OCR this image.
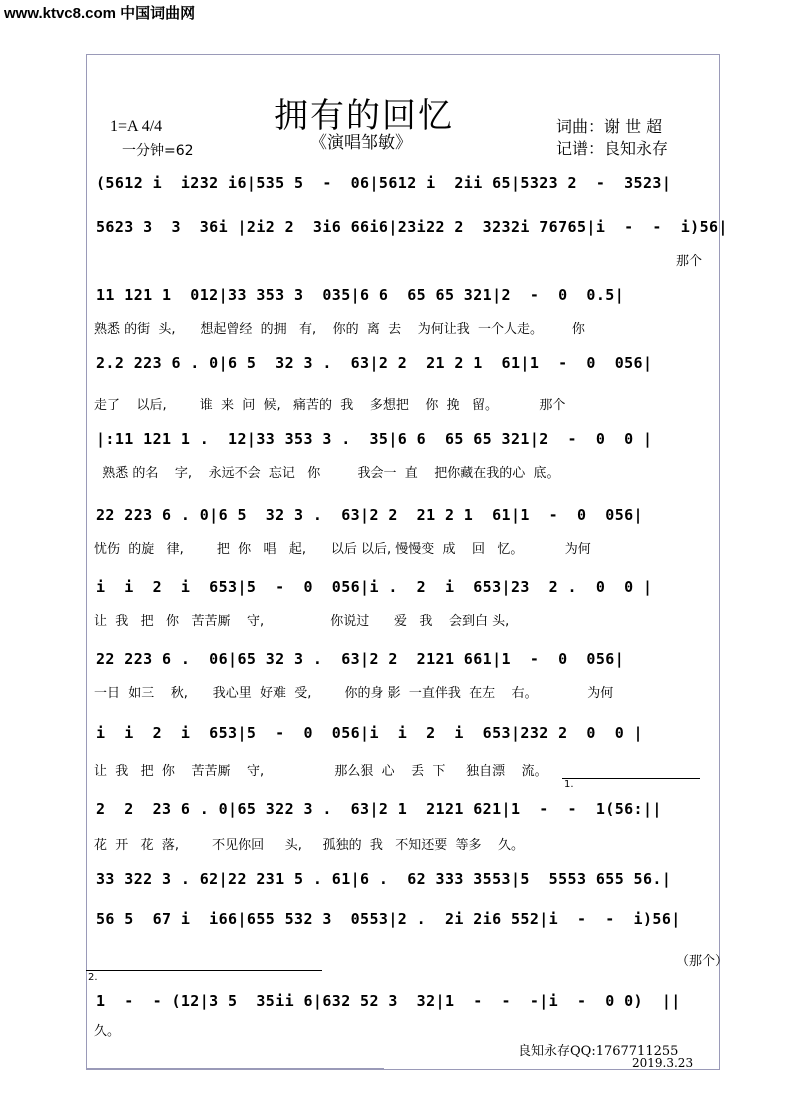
www.ktvc8.com 中国词曲网
拥有的回忆
《演唱邹敏》
1=A 4/4
一分钟=62
词曲：谢 世 超
记谱：良知永存
(5612 i  i232 i6|535 5  -  06|5612 i  2ii 65|5323 2  -  3523|
5623 3  3  36i |2i2 2  3i6 66i6|23i22 2  3232i 76765|i  -  -  i)56|
那个
11 121 1  012|33 353 3  035|6 6  65 65 321|2  -  0  0.5|
熟悉 的街  头,      想起曾经  的拥   有,    你的  离  去    为何让我  一个人走。       你
2.2 223 6 . 0|6 5  32 3 .  63|2 2  21 2 1  61|1  -  0  056|
走了    以后,        谁  来  问  候,   痛苦的  我    多想把    你  挽   留。          那个
|:11 121 1 .  12|33 353 3 .  35|6 6  65 65 321|2  -  0  0 |
熟悉 的名    字,    永远不会  忘记   你         我会一  直    把你藏在我的心  底。
22 223 6 . 0|6 5  32 3 .  63|2 2  21 2 1  61|1  -  0  056|
忧伤  的旋   律,        把  你   唱   起,      以后 以后, 慢慢变  成    回   忆。          为何
i  i  2  i  653|5  -  0  056|i .  2  i  653|23  2 .  0  0 |
让  我   把   你   苦苦厮    守,                你说过      爱   我    会到白 头,
22 223 6 .  06|65 32 3 .  63|2 2  2121 661|1  -  0  056|
一日  如三    秋,      我心里  好难  受,        你的身 影  一直伴我  在左    右。            为何
i  i  2  i  653|5  -  0  056|i  i  2  i  653|232 2  0  0 |
让  我   把  你    苦苦厮    守,                 那么狠  心    丢  下     独自漂    流。
1.
2  2  23 6 . 0|65 322 3 .  63|2 1  2121 621|1  -  -  1(56:||
花  开   花  落,        不见你回     头,     孤独的  我   不知还要  等多    久。
33 322 3 . 62|22 231 5 . 61|6 .  62 333 3553|5  5553 655 56.|
56 5  67 i  i66|655 532 3  0553|2 .  2i 2i6 552|i  -  -  i)56|
（那个）
2.
1  -  - (12|3 5  35ii 6|632 52 3  32|1  -  -  -|i  -  0 0)  ||
久。
良知永存QQ:1767711255
2019.3.23
